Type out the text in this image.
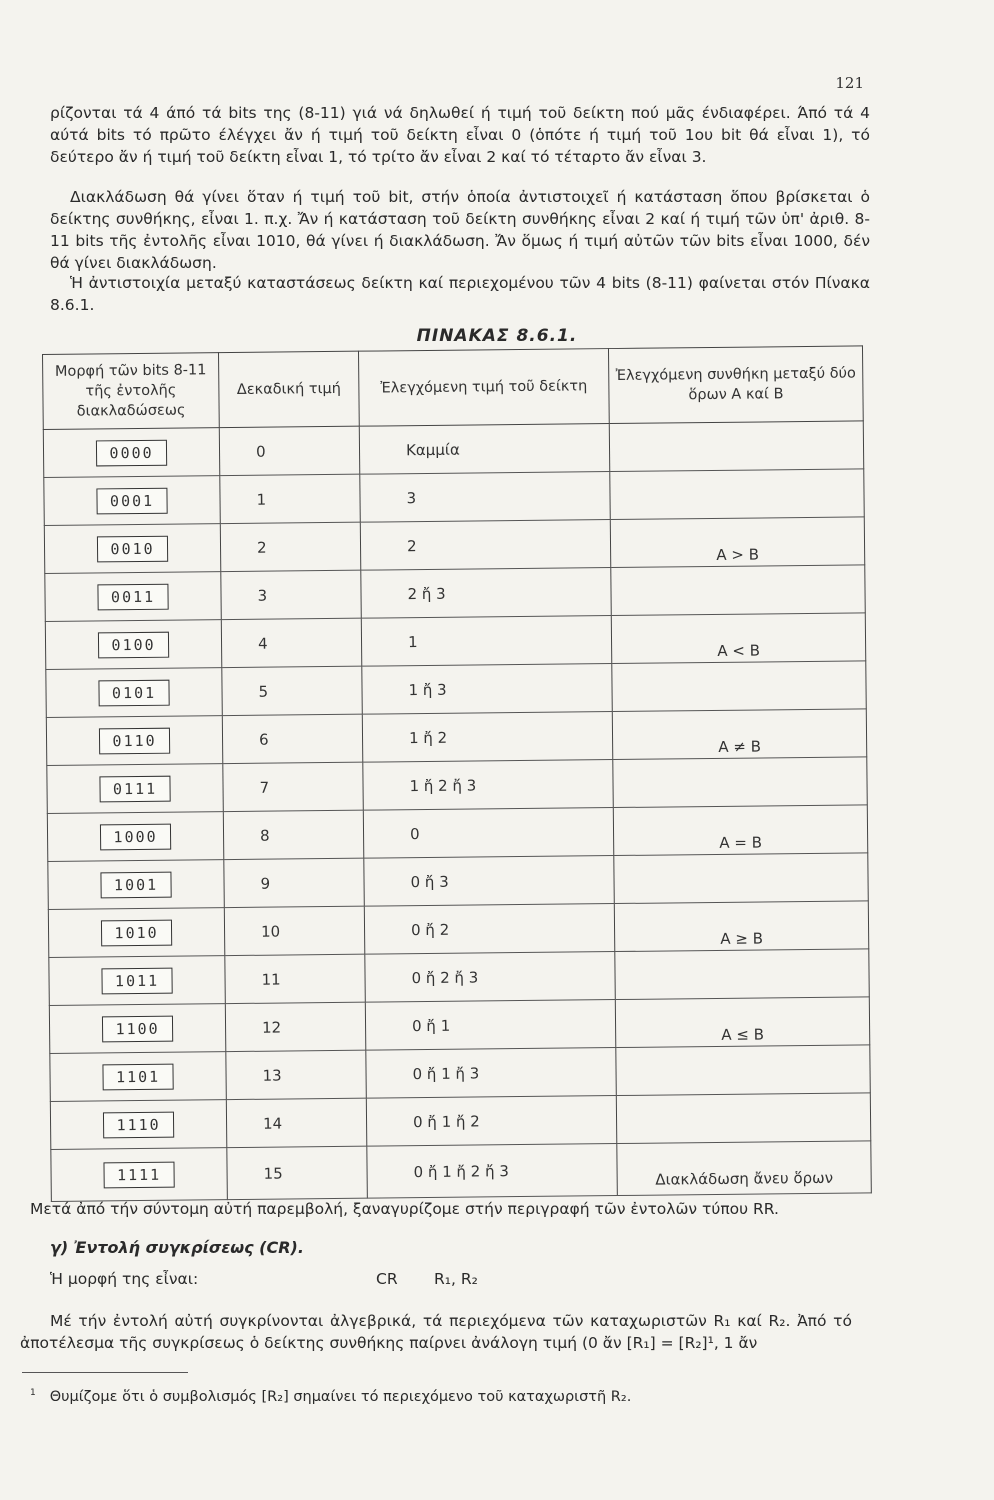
121

ρίζονται τά 4 άπό τά bits της (8-11) γιά νά δηλωθεί ή τιμή τοῦ δείκτη πού μᾶς ένδιαφέρει. Άπό τά 4 αύτά bits τό πρῶτο έλέγχει ἄν ή τιμή τοῦ δείκτη εἶναι 0 (ὁπότε ή τιμή τοῦ 1ου bit θά εἶναι 1), τό δεύτερο ἄν ή τιμή τοῦ δείκτη εἶναι 1, τό τρίτο ἄν εἶναι 2 καί τό τέταρτο ἄν εἶναι 3.

Διακλάδωση θά γίνει ὅταν ή τιμή τοῦ bit, στήν ὁποία ἀντιστοιχεῖ ή κατάσταση ὅπου βρίσκεται ὁ δείκτης συνθήκης, εἶναι 1. π.χ. Ἄν ή κατάσταση τοῦ δείκτη συνθήκης εἶναι 2 καί ή τιμή τῶν ὑπ' ἀριθ. 8-11 bits τῆς ἐντολῆς εἶναι 1010, θά γίνει ή διακλάδωση. Ἄν ὅμως ή τιμή αὐτῶν τῶν bits εἶναι 1000, δέν θά γίνει διακλάδωση.

Ἡ ἀντιστοιχία μεταξύ καταστάσεως δείκτη καί περιεχομένου τῶν 4 bits (8-11) φαίνεται στόν Πίνακα 8.6.1.

ΠΙΝΑΚΑΣ 8.6.1.
Μορφή τῶν bits 8-11 τῆς ἐντολῆς διακλαδώσεως	Δεκαδική τιμή	Ἐλεγχόμενη τιμή τοῦ δείκτη	Ἐλεγχόμενη συνθήκη μεταξύ δύο ὅρων A καί B
0000	0	Καμμία	
0001	1	3	
0010	2	2	A > B
0011	3	2 ἤ 3	
0100	4	1	A < B
0101	5	1 ἤ 3	
0110	6	1 ἤ 2	A ≠ B
0111	7	1 ἤ 2 ἤ 3	
1000	8	0	A = B
1001	9	0 ἤ 3	
1010	10	0 ἤ 2	A ≥ B
1011	11	0 ἤ 2 ἤ 3	
1100	12	0 ἤ 1	A ≤ B
1101	13	0 ἤ 1 ἤ 3	
1110	14	0 ἤ 1 ἤ 2	
1111	15	0 ἤ 1 ἤ 2 ἤ 3	Διακλάδωση ἄνευ ὅρων

Μετά ἀπό τήν σύντομη αὐτή παρεμβολή, ξαναγυρίζομε στήν περιγραφή τῶν ἐντολῶν τύπου RR.

γ) Ἐντολή συγκρίσεως (CR).

Ἡ μορφή της εἶναι:	CR R₁, R₂

Μέ τήν ἐντολή αὐτή συγκρίνονται ἀλγεβρικά, τά περιεχόμενα τῶν καταχωριστῶν R₁ καί R₂. Ἀπό τό ἀποτέλεσμα τῆς συγκρίσεως ὁ δείκτης συνθήκης παίρνει ἀνάλογη τιμή (0 ἄν [R₁] = [R₂]¹, 1 ἄν

$^1$ Θυμίζομε ὅτι ὁ συμβολισμός [R₂] σημαίνει τό περιεχόμενο τοῦ καταχωριστῆ R₂.
